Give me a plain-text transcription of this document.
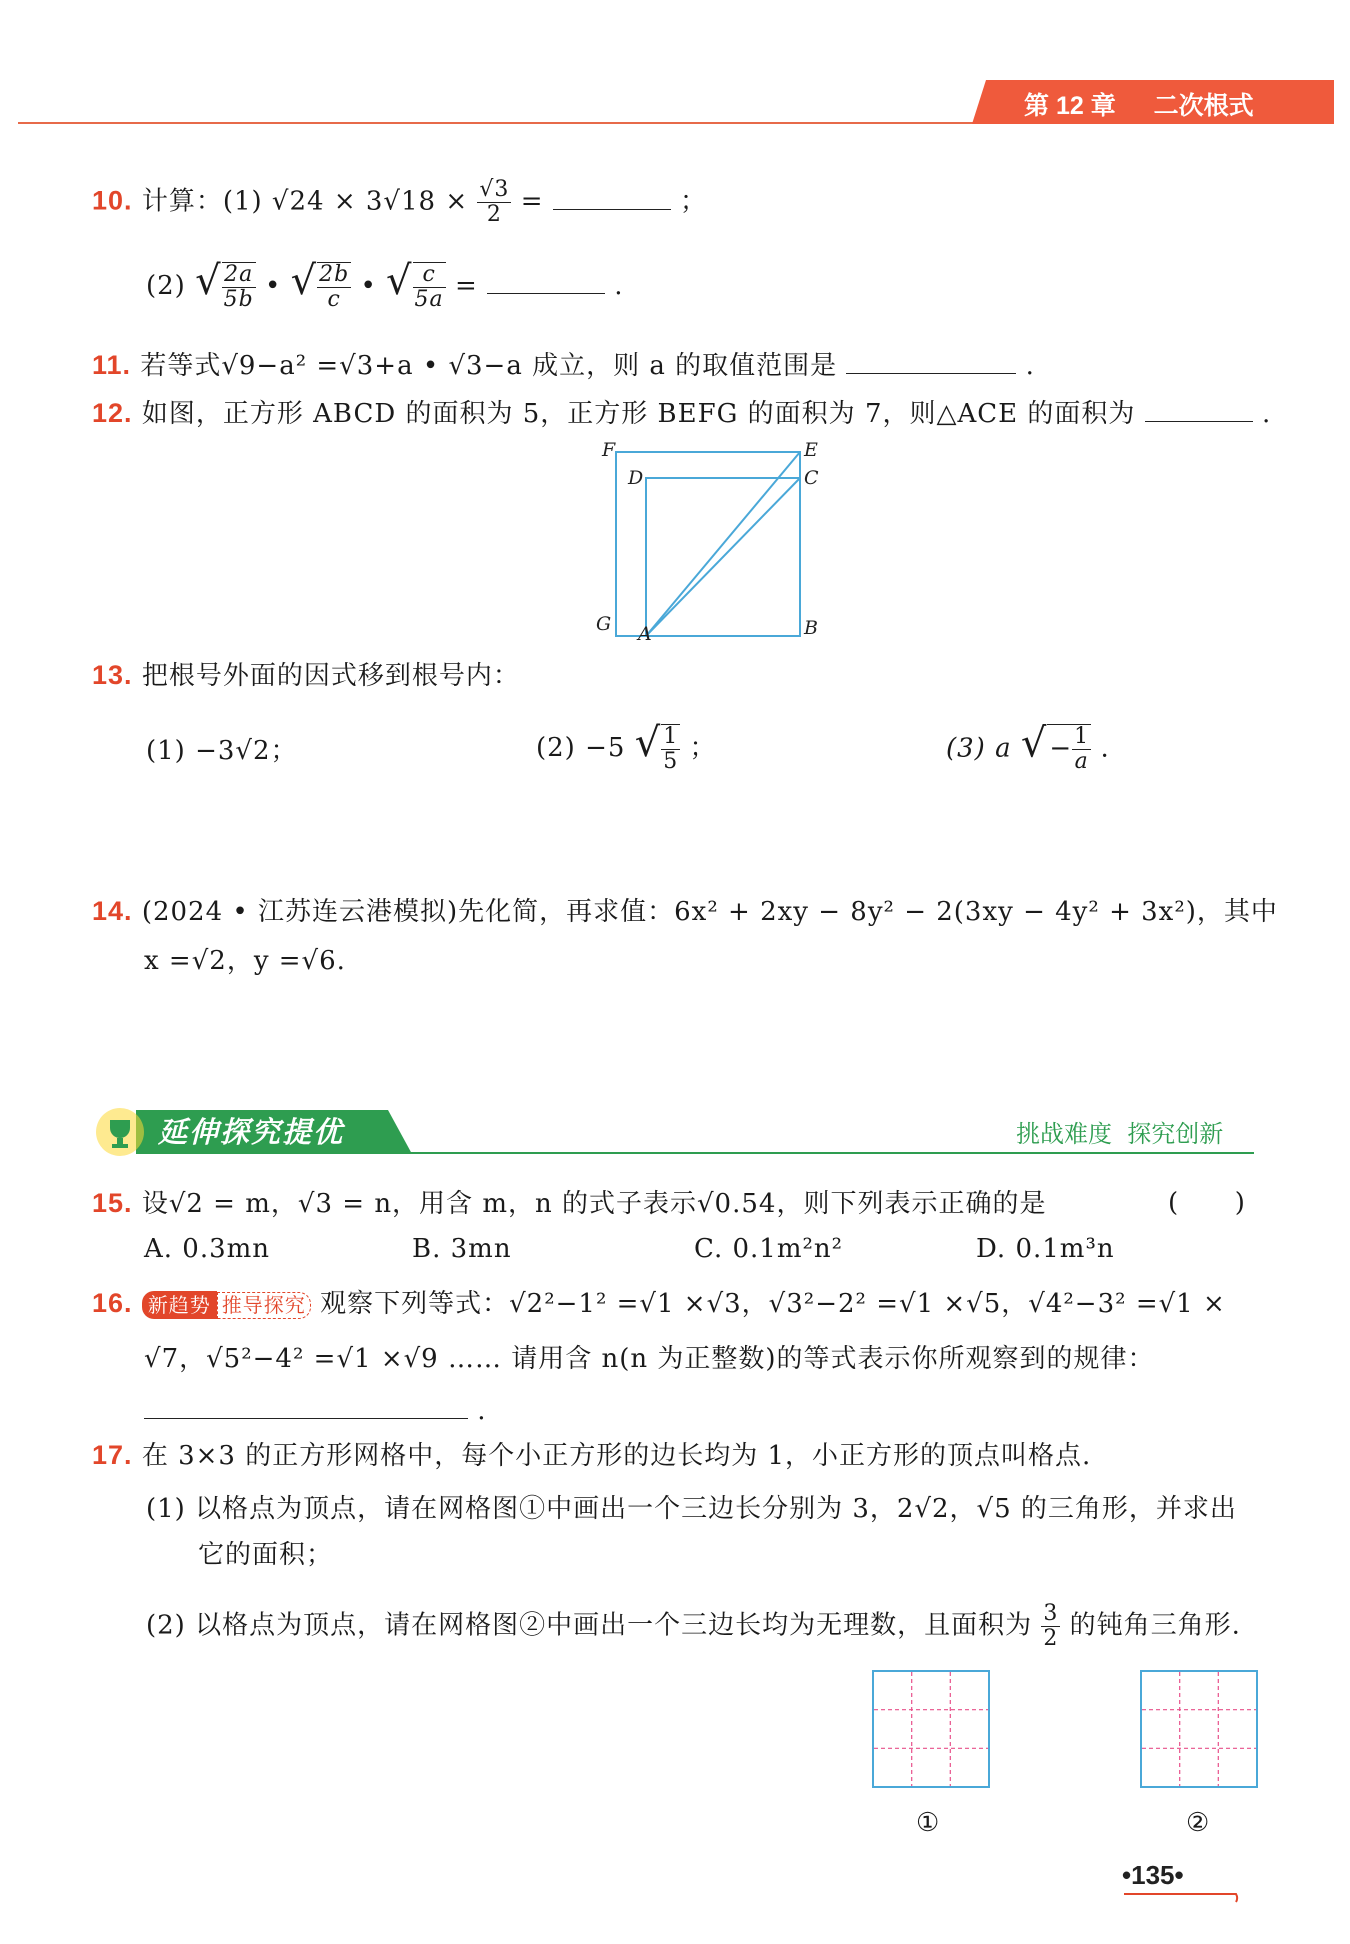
第 12 章 二次根式
10. 计算：(1) $√24 \times 3√18 \times \frac{√3}{2}$ =	；
(2) √ $\frac{2a}{5b}$ • √ $\frac{2b}{c}$ • √ $\frac{c}{5a}$ =	.
11. 若等式√9−a² =√3+a • √3−a 成立，则 a 的取值范围是	.
12. 如图，正方形 ABCD 的面积为 5，正方形 BEFG 的面积为 7，则△ACE 的面积为	.
F	E
D	C
G A	B
13. 把根号外面的因式移到根号内：
(1) −3√2；	(2) −5 √ $\frac{1}{5}$ ；	(3) a √− $\frac{1}{a}$ .
14. (2024 • 江苏连云港模拟)先化简，再求值：6x² + 2xy − 8y² − 2(3xy − 4y² + 3x²)，其中
x =√2，y =√6.
延伸探究提优	挑战难度  探究创新
15. 设√2 = m，√3 = n，用含 m，n 的式子表示√0.54，则下列表示正确的是	(      )
A. 0.3mn	B. 3mn	C. 0.1m²n²	D. 0.1m³n
16. 新趋势 推导探究 观察下列等式：√2²−1² =√1 ×√3，√3²−2² =√1 ×√5，√4²−3² =√1 ×
√7，√5²−4² =√1 ×√9 …… 请用含 n(n 为正整数)的等式表示你所观察到的规律：
.
17. 在 3×3 的正方形网格中，每个小正方形的边长均为 1，小正方形的顶点叫格点.
(1) 以格点为顶点，请在网格图①中画出一个三边长分别为 3，2√2，√5 的三角形，并求出
它的面积；
(2) 以格点为顶点，请在网格图②中画出一个三边长均为无理数，且面积为 $\frac{3}{2}$ 的钝角三角形.
①	②
•135•
